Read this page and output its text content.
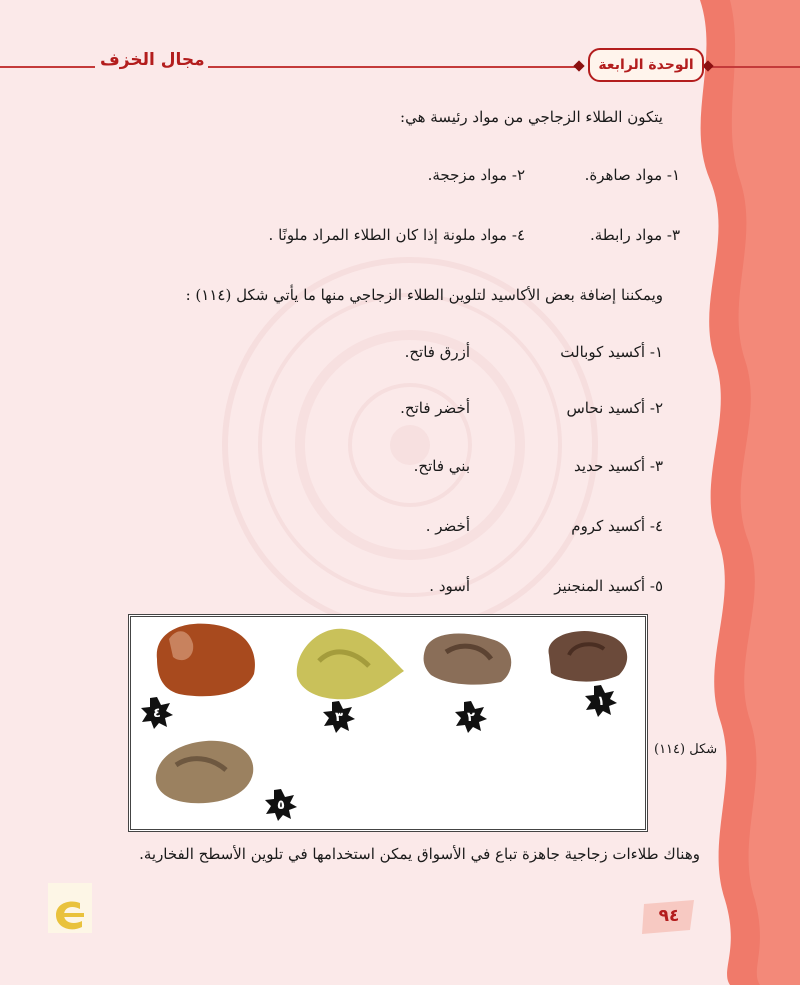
مجال الخزف	الوحدة الرابعة
يتكون الطلاء الزجاجي من مواد رئيسة هي:
١- مواد صاهرة.
٢- مواد مزججة.
٣- مواد رابطة.
٤- مواد ملونة إذا كان الطلاء المراد ملونًا .
ويمكننا إضافة بعض الأكاسيد لتلوين الطلاء الزجاجي منها ما يأتي شكل (١١٤) :
١- أكسيد كوبالت
أزرق فاتح.
٢- أكسيد نحاس
أخضر فاتح.
٣- أكسيد حديد
بني فاتح.
٤- أكسيد كروم
أخضر .
٥- أكسيد المنجنيز
أسود .
١
٢
٣
٤
٥
شكل (١١٤)
وهناك طلاءات زجاجية جاهزة تباع في الأسواق يمكن استخدامها في تلوين الأسطح الفخارية.
٩٤
